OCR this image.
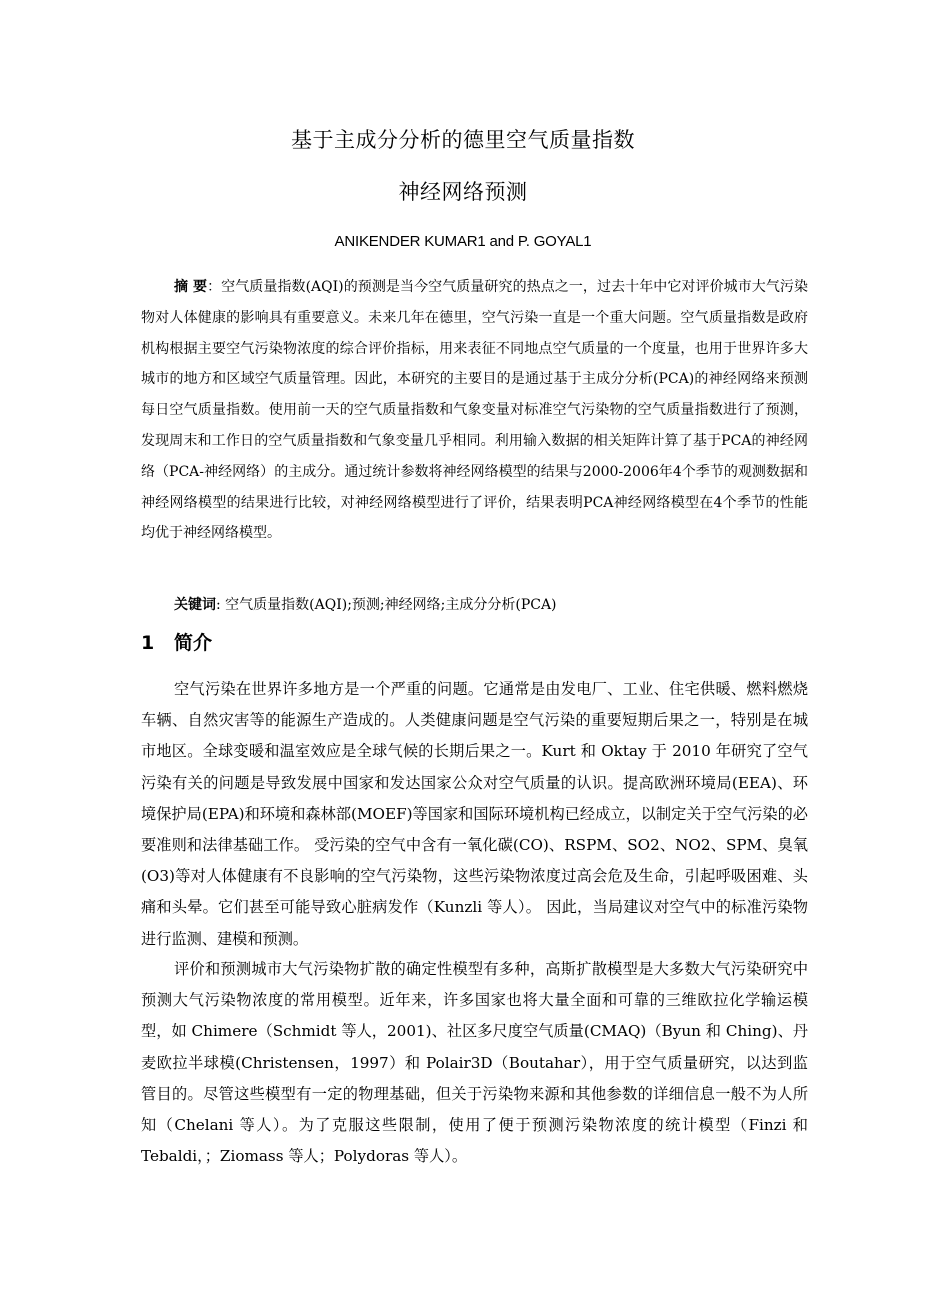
基于主成分分析的德里空气质量指数
神经网络预测
ANIKENDER KUMAR1 and P. GOYAL1

摘 要：空气质量指数(AQI)的预测是当今空气质量研究的热点之一，过去十年中它对评价城市大气污染物对人体健康的影响具有重要意义。未来几年在德里，空气污染一直是一个重大问题。空气质量指数是政府机构根据主要空气污染物浓度的综合评价指标，用来表征不同地点空气质量的一个度量，也用于世界许多大城市的地方和区域空气质量管理。因此，本研究的主要目的是通过基于主成分分析(PCA)的神经网络来预测每日空气质量指数。使用前一天的空气质量指数和气象变量对标准空气污染物的空气质量指数进行了预测，发现周末和工作日的空气质量指数和气象变量几乎相同。利用输入数据的相关矩阵计算了基于PCA的神经网络（PCA-神经网络）的主成分。通过统计参数将神经网络模型的结果与2000-2006年4个季节的观测数据和神经网络模型的结果进行比较，对神经网络模型进行了评价，结果表明PCA神经网络模型在4个季节的性能均优于神经网络模型。

关键词: 空气质量指数(AQI);预测;神经网络;主成分分析(PCA)

1 简介

空气污染在世界许多地方是一个严重的问题。它通常是由发电厂、工业、住宅供暖、燃料燃烧车辆、自然灾害等的能源生产造成的。人类健康问题是空气污染的重要短期后果之一，特别是在城市地区。全球变暖和温室效应是全球气候的长期后果之一。Kurt 和 Oktay 于 2010 年研究了空气污染有关的问题是导致发展中国家和发达国家公众对空气质量的认识。提高欧洲环境局(EEA)、环境保护局(EPA)和环境和森林部(MOEF)等国家和国际环境机构已经成立，以制定关于空气污染的必要准则和法律基础工作。 受污染的空气中含有一氧化碳(CO)、RSPM、SO2、NO2、SPM、臭氧(O3)等对人体健康有不良影响的空气污染物，这些污染物浓度过高会危及生命，引起呼吸困难、头痛和头晕。它们甚至可能导致心脏病发作（Kunzli 等人）。 因此，当局建议对空气中的标准污染物进行监测、建模和预测。

评价和预测城市大气污染物扩散的确定性模型有多种，高斯扩散模型是大多数大气污染研究中预测大气污染物浓度的常用模型。近年来，许多国家也将大量全面和可靠的三维欧拉化学输运模型，如 Chimere（Schmidt 等人，2001)、社区多尺度空气质量(CMAQ)（Byun 和 Ching)、丹麦欧拉半球模(Christensen，1997）和 Polair3D（Boutahar），用于空气质量研究，以达到监管目的。尽管这些模型有一定的物理基础，但关于污染物来源和其他参数的详细信息一般不为人所知（Chelani 等人）。为了克服这些限制，使用了便于预测污染物浓度的统计模型（Finzi 和 Tebaldi，；Ziomass 等人；Polydoras 等人）。
